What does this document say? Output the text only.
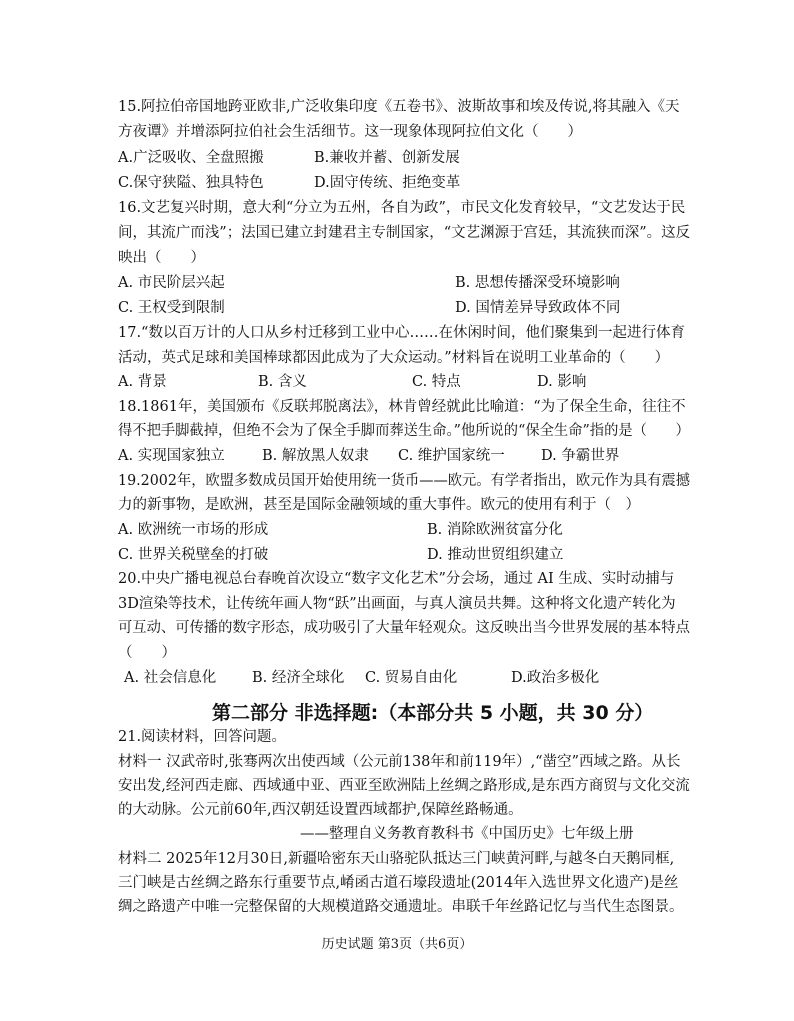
15.阿拉伯帝国地跨亚欧非,广泛收集印度《五卷书》、波斯故事和埃及传说,将其融入《天
方夜谭》并增添阿拉伯社会生活细节。这一现象体现阿拉伯文化（　　）
A.广泛吸收、全盘照搬	B.兼收并蓄、创新发展
C.保守狭隘、独具特色	D.固守传统、拒绝变革
16.文艺复兴时期，意大利“分立为五州，各自为政”，市民文化发育较早，“文艺发达于民
间，其流广而浅”；法国已建立封建君主专制国家，“文艺渊源于宫廷，其流狭而深”。这反
映出（　　）
A. 市民阶层兴起	B. 思想传播深受环境影响
C. 王权受到限制	D. 国情差异导致政体不同
17.“数以百万计的人口从乡村迁移到工业中心……在休闲时间，他们聚集到一起进行体育
活动，英式足球和美国棒球都因此成为了大众运动。”材料旨在说明工业革命的（　　）
A. 背景	B. 含义	C. 特点	D. 影响
18.1861年，美国颁布《反联邦脱离法》，林肯曾经就此比喻道：“为了保全生命，往往不
得不把手脚截掉，但绝不会为了保全手脚而葬送生命。”他所说的“保全生命”指的是（　　）
A. 实现国家独立	B. 解放黑人奴隶 C. 维护国家统一 D. 争霸世界
19.2002年，欧盟多数成员国开始使用统一货币——欧元。有学者指出，欧元作为具有震撼
力的新事物，是欧洲，甚至是国际金融领域的重大事件。欧元的使用有利于（　）
A. 欧洲统一市场的形成	B. 消除欧洲贫富分化
C. 世界关税壁垒的打破	D. 推动世贸组织建立
20.中央广播电视总台春晚首次设立“数字文化艺术”分会场，通过 AI 生成、实时动捕与
3D渲染等技术，让传统年画人物“跃”出画面，与真人演员共舞。这种将文化遗产转化为
可互动、可传播的数字形态，成功吸引了大量年轻观众。这反映出当今世界发展的基本特点
（　　）
A. 社会信息化 B. 经济全球化 C. 贸易自由化	D.政治多极化
第二部分 非选择题:（本部分共 5 小题，共 30 分）
21.阅读材料，回答问题。
材料一 汉武帝时,张骞两次出使西域（公元前138年和前119年）,“凿空”西域之路。从长
安出发,经河西走廊、西域通中亚、西亚至欧洲陆上丝绸之路形成,是东西方商贸与文化交流
的大动脉。公元前60年,西汉朝廷设置西域都护,保障丝路畅通。
——整理自义务教育教科书《中国历史》七年级上册
材料二 2025年12月30日,新疆哈密东天山骆驼队抵达三门峡黄河畔,与越冬白天鹅同框,
三门峡是古丝绸之路东行重要节点,崤函古道石壕段遗址(2014年入选世界文化遗产)是丝
绸之路遗产中唯一完整保留的大规模道路交通遗址。串联千年丝路记忆与当代生态图景。
历史试题 第3页（共6页）
